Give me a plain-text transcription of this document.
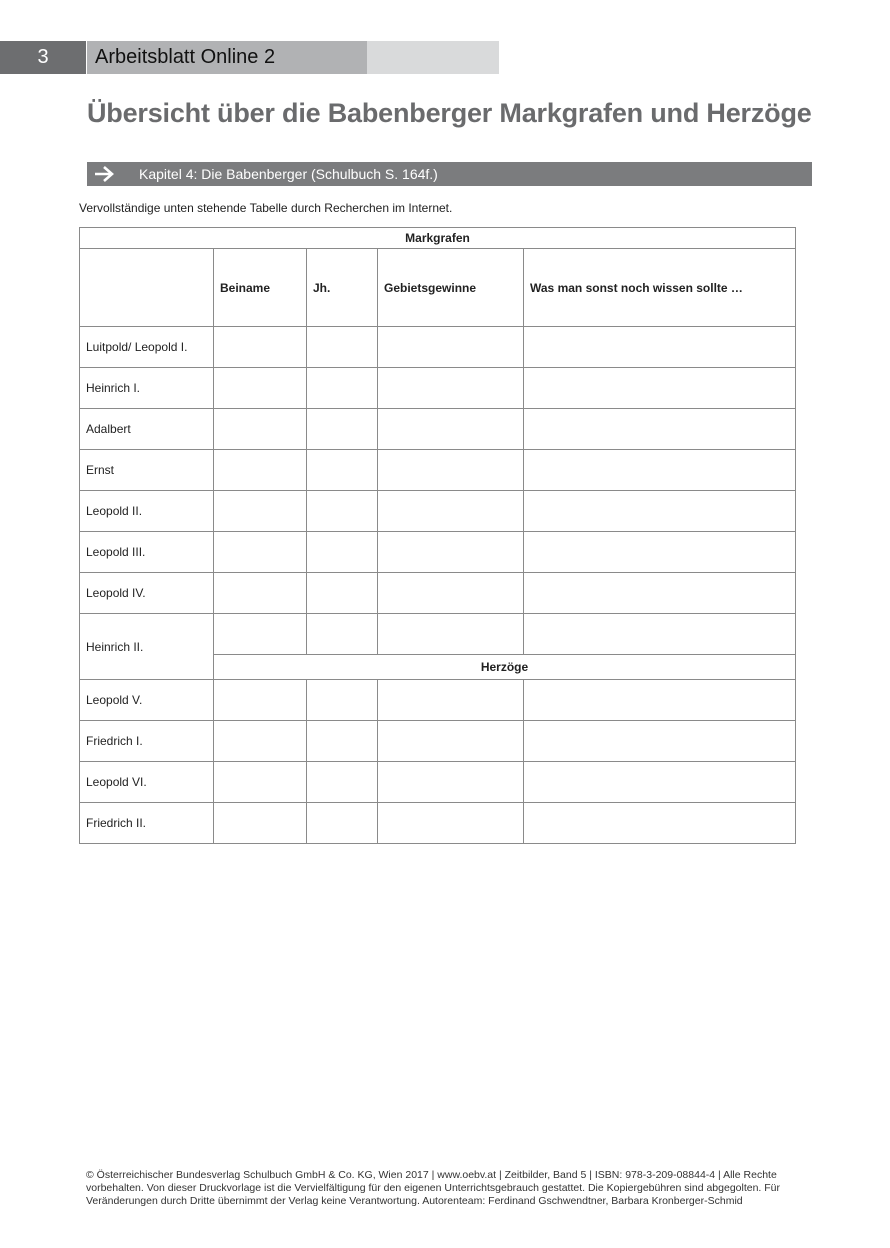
3	Arbeitsblatt Online 2
Übersicht über die Babenberger Markgrafen und Herzöge
Kapitel 4: Die Babenberger (Schulbuch S. 164f.)
Vervollständige unten stehende Tabelle durch Recherchen im Internet.
Markgrafen				
	Beiname	Jh.	Gebietsgewinne	Was man sonst noch wissen sollte …
Luitpold/ Leopold I.				
Heinrich I.				
Adalbert				
Ernst				
Leopold II.				
Leopold III.				
Leopold IV.				
Heinrich II.				
	Herzöge			
Leopold V.				
Friedrich I.				
Leopold VI.				
Friedrich II.				
© Österreichischer Bundesverlag Schulbuch GmbH & Co. KG, Wien 2017 | www.oebv.at | Zeitbilder, Band 5 | ISBN: 978-3-209-08844-4 | Alle Rechte
vorbehalten. Von dieser Druckvorlage ist die Vervielfältigung für den eigenen Unterrichtsgebrauch gestattet. Die Kopiergebühren sind abgegolten. Für
Veränderungen durch Dritte übernimmt der Verlag keine Verantwortung. Autorenteam: Ferdinand Gschwendtner, Barbara Kronberger-Schmid
